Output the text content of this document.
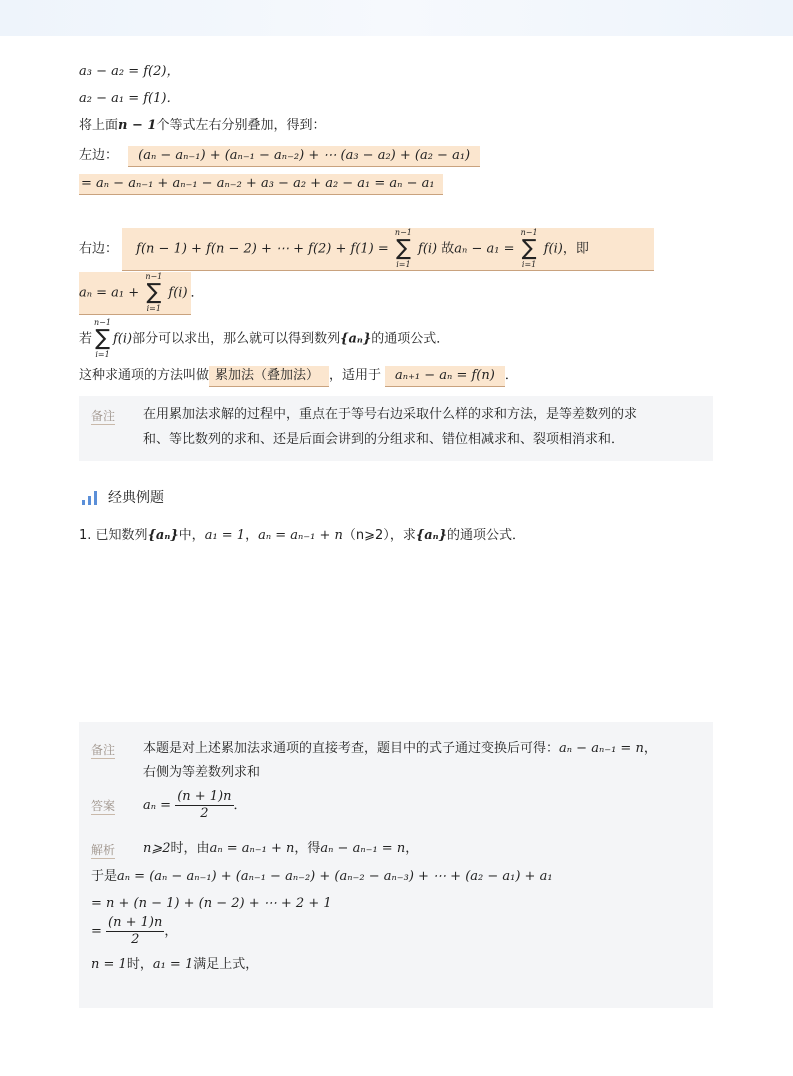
a₃ − a₂ = f(2)，
a₂ − a₁ = f(1)．
将上面n − 1个等式左右分别叠加，得到：
左边： (aₙ − aₙ₋₁) + (aₙ₋₁ − aₙ₋₂) + ⋯ (a₃ − a₂) + (a₂ − a₁)
= aₙ − aₙ₋₁ + aₙ₋₁ − aₙ₋₂ + a₃ − a₂ + a₂ − a₁ = aₙ − a₁
右边： f(n − 1) + f(n − 2) + ⋯ + f(2) + f(1) =
n−1
∑
i=1
f(i) 故aₙ − a₁ =
n−1
∑
i=1
f(i)，即
aₙ = a₁ +
n−1
∑
i=1
f(i) ．
若
n−1
∑
i=1
f(i)部分可以求出，那么就可以得到数列{aₙ}的通项公式．
这种求通项的方法叫做 累加法（叠加法） ，适用于 aₙ₊₁ − aₙ = f(n) ．
备注 在用累加法求解的过程中，重点在于等号右边采取什么样的求和方法，是等差数列的求
和、等比数列的求和、还是后面会讲到的分组求和、错位相减求和、裂项相消求和．
经典例题
1. 已知数列{aₙ}中，a₁ = 1，aₙ = aₙ₋₁ + n（n⩾2），求{aₙ}的通项公式．
备注 本题是对上述累加法求通项的直接考查，题目中的式子通过变换后可得：aₙ − aₙ₋₁ = n，
右侧为等差数列求和
答案 $a_n = \frac{(n + 1)n}{2}$ ．
解析 n⩾2时，由aₙ = aₙ₋₁ + n，得aₙ − aₙ₋₁ = n，
于是aₙ = (aₙ − aₙ₋₁) + (aₙ₋₁ − aₙ₋₂) + (aₙ₋₂ − aₙ₋₃) + ⋯ + (a₂ − a₁) + a₁
= n + (n − 1) + (n − 2) + ⋯ + 2 + 1
= $\frac{(n + 1)n}{2}$ ，
n = 1时，a₁ = 1满足上式，
